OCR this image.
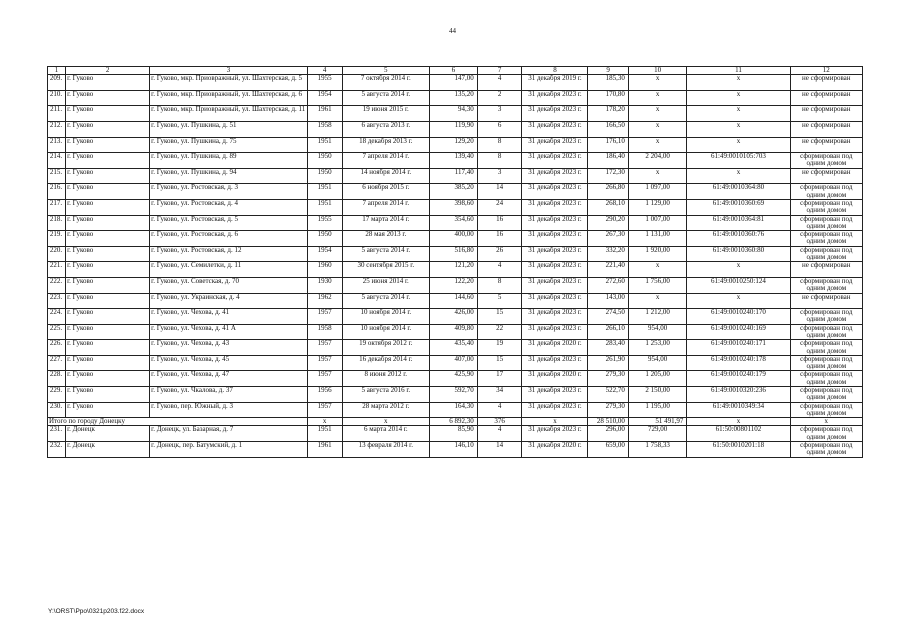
44
1	2	3	4	5	6	7	8	9	10	11	12
209.	г. Гуково	г. Гуково, мкр. Приовражный, ул. Шахтерская, д. 5	1955	7 октября 2014 г.	147,00	4	31 декабря 2019 г.	185,30	x	x	не сформирован
210.	г. Гуково	г. Гуково, мкр. Приовражный, ул. Шахтерская, д. 6	1954	5 августа 2014 г.	135,20	2	31 декабря 2023 г.	170,80	x	x	не сформирован
211.	г. Гуково	г. Гуково, мкр. Приовражный, ул. Шахтерская, д. 11	1961	19 июня 2015 г.	94,30	3	31 декабря 2023 г.	178,20	x	x	не сформирован
212.	г. Гуково	г. Гуково, ул. Пушкина, д. 51	1958	6 августа 2013 г.	119,90	6	31 декабря 2023 г.	166,50	x	x	не сформирован
213.	г. Гуково	г. Гуково, ул. Пушкина, д. 75	1951	18 декабря 2013 г.	129,20	8	31 декабря 2023 г.	176,10	x	x	не сформирован
214.	г. Гуково	г. Гуково, ул. Пушкина, д. 89	1950	7 апреля 2014 г.	139,40	8	31 декабря 2023 г.	186,40	2 204,00	61:49:0010105:703	сформирован под одним домом
215.	г. Гуково	г. Гуково, ул. Пушкина, д. 94	1950	14 ноября 2014 г.	117,40	3	31 декабря 2023 г.	172,30	x	x	не сформирован
216.	г. Гуково	г. Гуково, ул. Ростовская, д. 3	1951	6 ноября 2015 г.	385,20	14	31 декабря 2023 г.	266,80	1 097,00	61:49:0010364:80	сформирован под одним домом
217.	г. Гуково	г. Гуково, ул. Ростовская, д. 4	1951	7 апреля 2014 г.	398,60	24	31 декабря 2023 г.	268,10	1 129,00	61:49:0010360:69	сформирован под одним домом
218.	г. Гуково	г. Гуково, ул. Ростовская, д. 5	1955	17 марта 2014 г.	354,60	16	31 декабря 2023 г.	290,20	1 007,00	61:49:0010364:81	сформирован под одним домом
219.	г. Гуково	г. Гуково, ул. Ростовская, д. 6	1950	28 мая 2013 г.	400,00	16	31 декабря 2023 г.	267,30	1 131,00	61:49:0010360:76	сформирован под одним домом
220.	г. Гуково	г. Гуково, ул. Ростовская, д. 12	1954	5 августа 2014 г.	516,80	26	31 декабря 2023 г.	332,20	1 920,00	61:49:0010360:80	сформирован под одним домом
221.	г. Гуково	г. Гуково, ул. Семилетки, д. 11	1960	30 сентября 2015 г.	121,20	4	31 декабря 2023 г.	221,40	x	x	не сформирован
222.	г. Гуково	г. Гуково, ул. Советская, д. 70	1930	25 июня 2014 г.	122,20	8	31 декабря 2023 г.	272,60	1 756,00	61:49:0010250:124	сформирован под одним домом
223.	г. Гуково	г. Гуково, ул. Украинская, д. 4	1962	5 августа 2014 г.	144,60	5	31 декабря 2023 г.	143,00	x	x	не сформирован
224.	г. Гуково	г. Гуково, ул. Чехова, д. 41	1957	10 ноября 2014 г.	426,00	15	31 декабря 2023 г.	274,50	1 212,00	61:49:0010240:170	сформирован под одним домом
225.	г. Гуково	г. Гуково, ул. Чехова, д. 41 А	1958	10 ноября 2014 г.	409,80	22	31 декабря 2023 г.	266,10	954,00	61:49:0010240:169	сформирован под одним домом
226.	г. Гуково	г. Гуково, ул. Чехова, д. 43	1957	19 октября 2012 г.	435,40	19	31 декабря 2020 г.	283,40	1 253,00	61:49:0010240:171	сформирован под одним домом
227.	г. Гуково	г. Гуково, ул. Чехова, д. 45	1957	16 декабря 2014 г.	407,00	15	31 декабря 2023 г.	261,90	954,00	61:49:0010240:178	сформирован под одним домом
228.	г. Гуково	г. Гуково, ул. Чехова, д. 47	1957	8 июня 2012 г.	425,90	17	31 декабря 2020 г.	279,30	1 205,00	61:49:0010240:179	сформирован под одним домом
229.	г. Гуково	г. Гуково, ул. Чкалова, д. 37	1956	5 августа 2016 г.	592,70	34	31 декабря 2023 г.	522,70	2 150,00	61:49:0010320:236	сформирован под одним домом
230.	г. Гуково	г. Гуково, пер. Южный, д. 3	1957	28 марта 2012 г.	164,30	4	31 декабря 2023 г.	279,30	1 195,00	61:49:0010349:34	сформирован под одним домом
Итого по городу Донецку			x	x	6 892,30	376	x	28 510,00	51 491,97	x	x
231.	г. Донецк	г. Донецк, ул. Базарная, д. 7	1951	6 марта 2014 г.	85,90	4	31 декабря 2023 г.	296,00	729,00	61:50:00801102	сформирован под одним домом
232.	г. Донецк	г. Донецк, пер. Батумский, д. 1	1961	13 февраля 2014 г.	146,10	14	31 декабря 2020 г.	659,00	1 758,33	61:50:0010201:18	сформирован под одним домом
Y:\ORST\Ppo\0321p203.f22.docx
